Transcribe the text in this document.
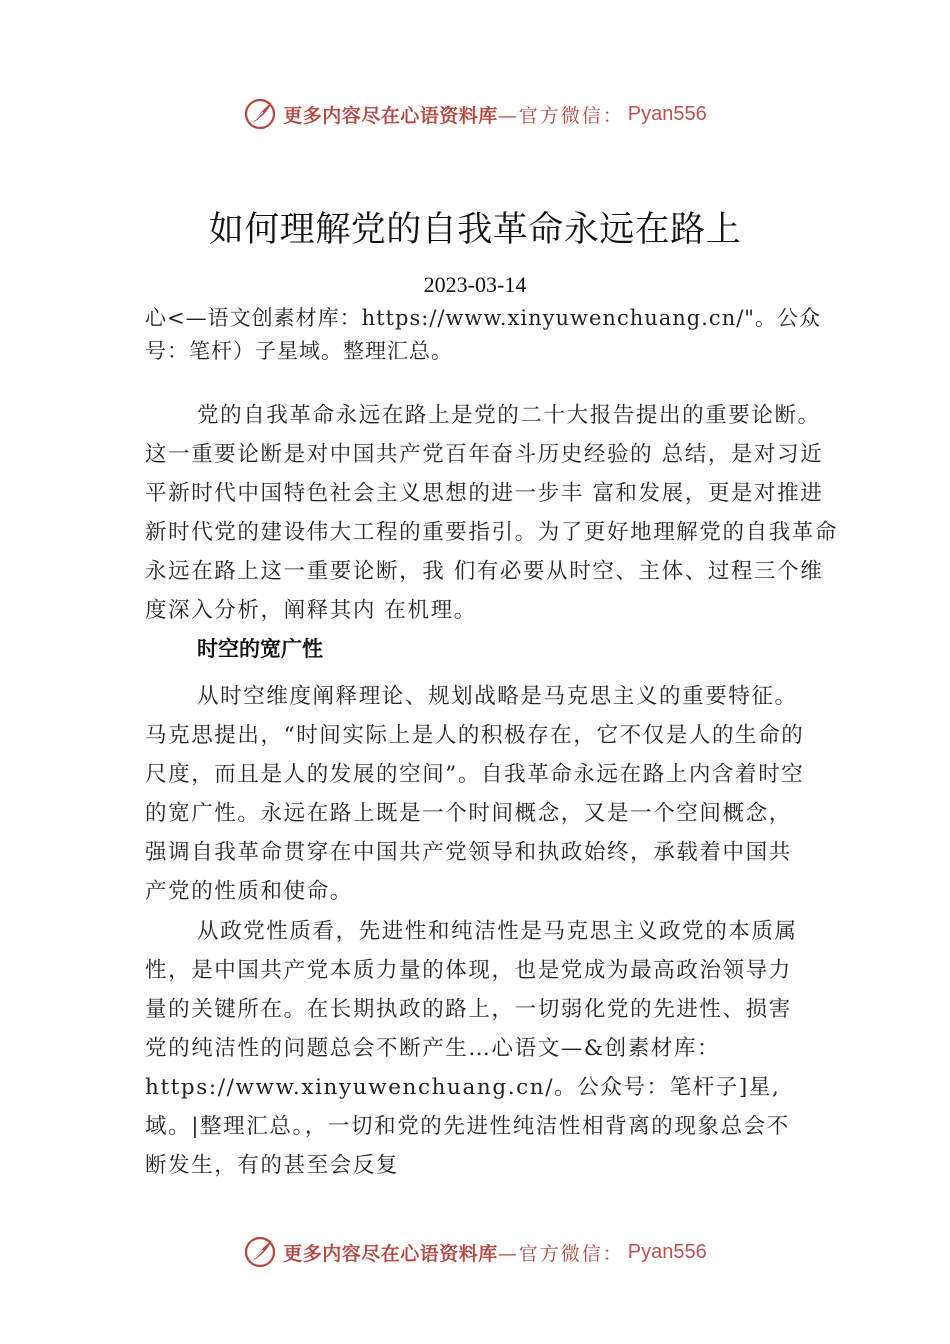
更多内容尽在心语资料库 —官方微信： Pyan556
如何理解党的自我革命永远在路上
2023-03-14
心<—语文创素材库：https://www.xinyuwenchuang.cn/"。公众号：笔杆）子星域。整理汇总。
党的自我革命永远在路上是党的二十大报告提出的重要论断。这一重要论断是对中国共产党百年奋斗历史经验的 总结，是对习近平新时代中国特色社会主义思想的进一步丰 富和发展，更是对推进新时代党的建设伟大工程的重要指引。为了更好地理解党的自我革命永远在路上这一重要论断，我 们有必要从时空、主体、过程三个维度深入分析，阐释其内 在机理。
时空的宽广性
从时空维度阐释理论、规划战略是马克思主义的重要特征。马克思提出，“时间实际上是人的积极存在，它不仅是人的生命的尺度，而且是人的发展的空间”。自我革命永远在路上内含着时空的宽广性。永远在路上既是一个时间概念，又是一个空间概念，强调自我革命贯穿在中国共产党领导和执政始终，承载着中国共产党的性质和使命。
从政党性质看，先进性和纯洁性是马克思主义政党的本质属性，是中国共产党本质力量的体现，也是党成为最高政治领导力量的关键所在。在长期执政的路上，一切弱化党的先进性、损害党的纯洁性的问题总会不断产生…心语文—&创素材库：https://www.xinyuwenchuang.cn/。公众号：笔杆子]星,域。|整理汇总。，一切和党的先进性纯洁性相背离的现象总会不断发生，有的甚至会反复
更多内容尽在心语资料库 —官方微信： Pyan556
